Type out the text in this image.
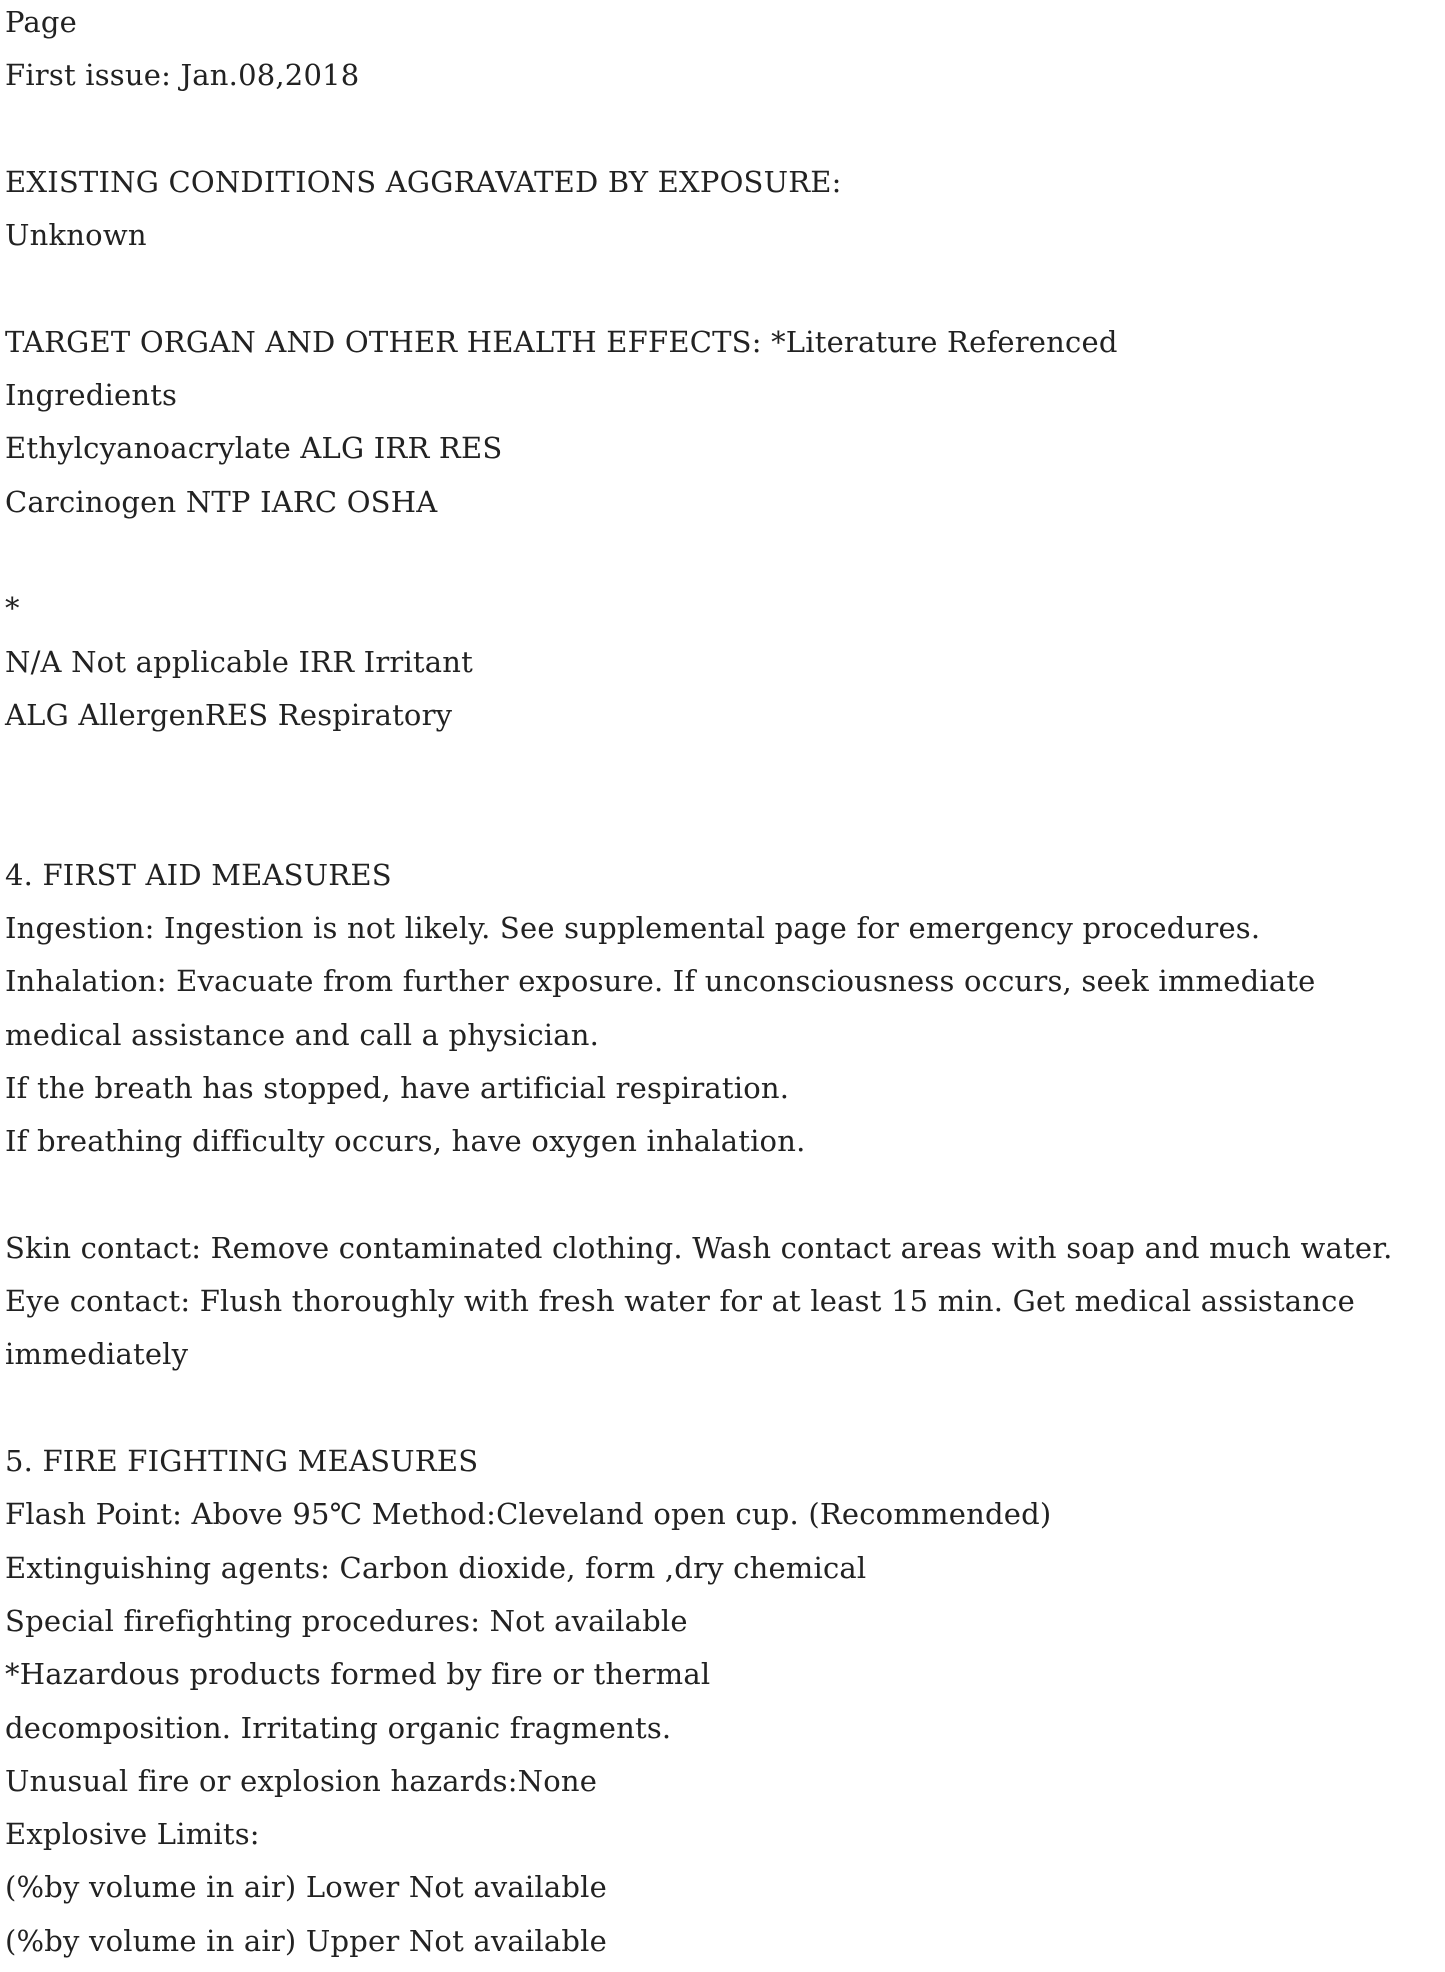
Page
First issue: Jan.08,2018
EXISTING CONDITIONS AGGRAVATED BY EXPOSURE:
Unknown
TARGET ORGAN AND OTHER HEALTH EFFECTS: *Literature Referenced
Ingredients
Ethylcyanoacrylate ALG IRR RES
Carcinogen NTP IARC OSHA
*
N/A Not applicable IRR Irritant
ALG AllergenRES Respiratory
4. FIRST AID MEASURES
Ingestion: Ingestion is not likely. See supplemental page for emergency procedures.
Inhalation: Evacuate from further exposure. If unconsciousness occurs, seek immediate
medical assistance and call a physician.
If the breath has stopped, have artificial respiration.
If breathing difficulty occurs, have oxygen inhalation.
Skin contact: Remove contaminated clothing. Wash contact areas with soap and much water.
Eye contact: Flush thoroughly with fresh water for at least 15 min. Get medical assistance
immediately
5. FIRE FIGHTING MEASURES
Flash Point: Above 95℃ Method:Cleveland open cup. (Recommended)
Extinguishing agents: Carbon dioxide, form ,dry chemical
Special firefighting procedures: Not available
*Hazardous products formed by fire or thermal
decomposition. Irritating organic fragments.
Unusual fire or explosion hazards:None
Explosive Limits:
(%by volume in air) Lower Not available
(%by volume in air) Upper Not available
